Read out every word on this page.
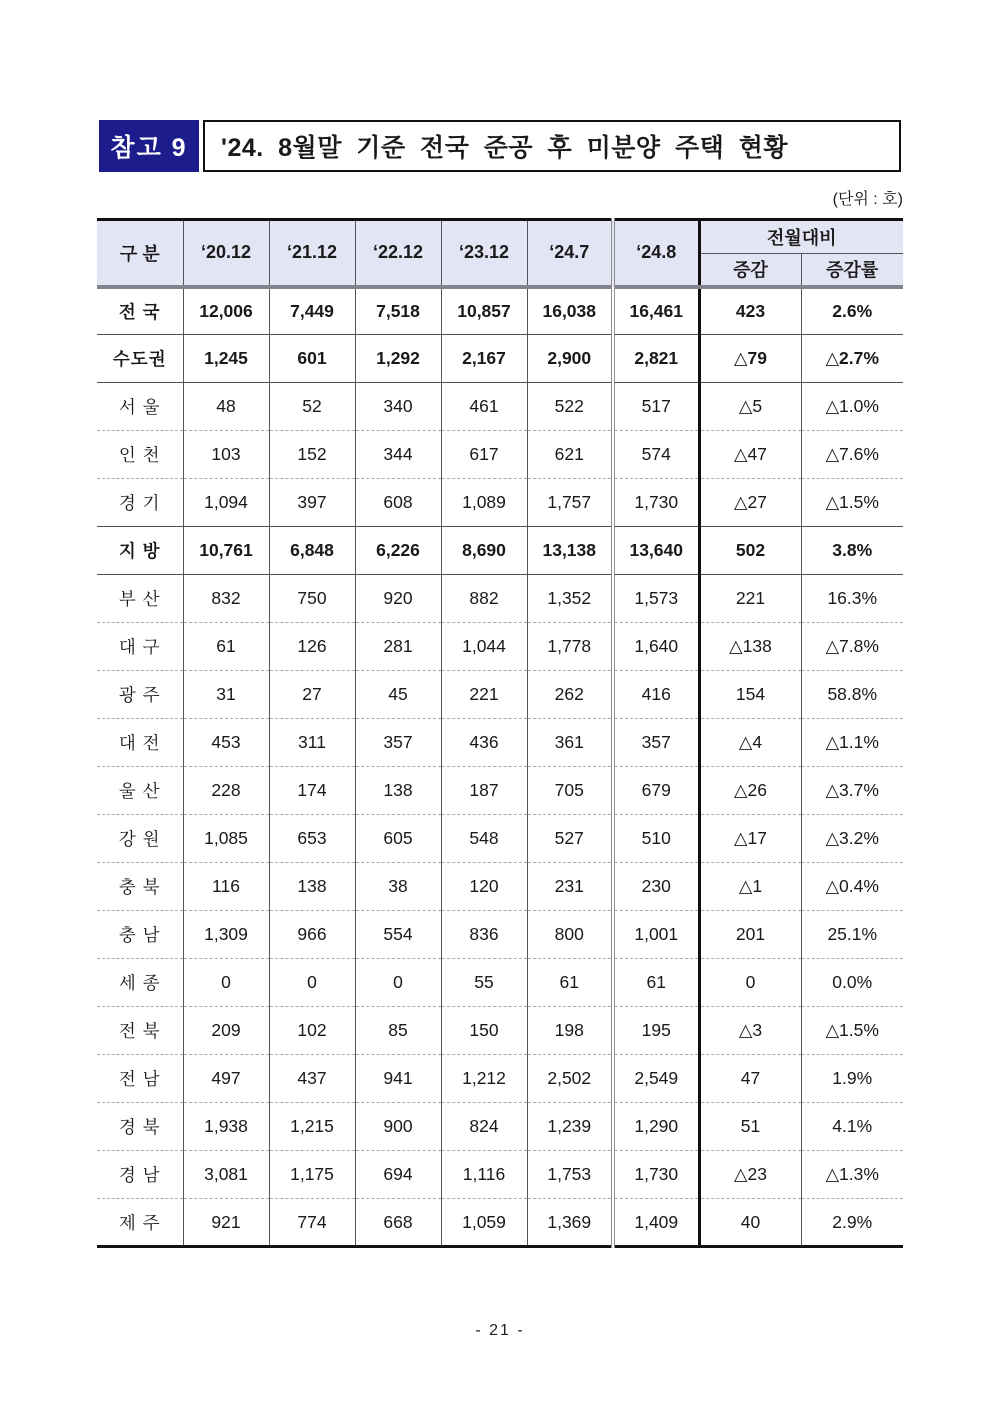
참고 9	'24. 8월말 기준 전국 준공 후 미분양 주택 현황
(단위 : 호)
구 분	‘20.12	‘21.12	‘22.12	‘23.12	‘24.7	‘24.8	전월대비	
							증감	증감률
전 국	12,006	7,449	7,518	10,857	16,038	16,461	423	2.6%
수도권	1,245	601	1,292	2,167	2,900	2,821	△79	△2.7%
서 울	48	52	340	461	522	517	△5	△1.0%
인 천	103	152	344	617	621	574	△47	△7.6%
경 기	1,094	397	608	1,089	1,757	1,730	△27	△1.5%
지 방	10,761	6,848	6,226	8,690	13,138	13,640	502	3.8%
부 산	832	750	920	882	1,352	1,573	221	16.3%
대 구	61	126	281	1,044	1,778	1,640	△138	△7.8%
광 주	31	27	45	221	262	416	154	58.8%
대 전	453	311	357	436	361	357	△4	△1.1%
울 산	228	174	138	187	705	679	△26	△3.7%
강 원	1,085	653	605	548	527	510	△17	△3.2%
충 북	116	138	38	120	231	230	△1	△0.4%
충 남	1,309	966	554	836	800	1,001	201	25.1%
세 종	0	0	0	55	61	61	0	0.0%
전 북	209	102	85	150	198	195	△3	△1.5%
전 남	497	437	941	1,212	2,502	2,549	47	1.9%
경 북	1,938	1,215	900	824	1,239	1,290	51	4.1%
경 남	3,081	1,175	694	1,116	1,753	1,730	△23	△1.3%
제 주	921	774	668	1,059	1,369	1,409	40	2.9%
- 21 -
